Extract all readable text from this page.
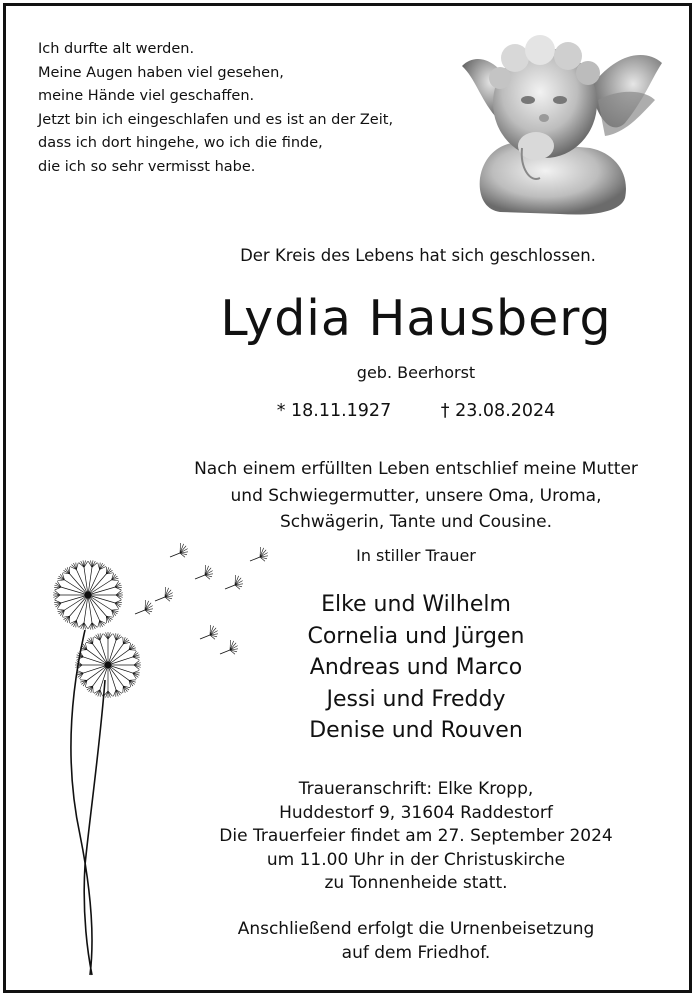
Ich durfte alt werden.
Meine Augen haben viel gesehen,
meine Hände viel geschaffen.
Jetzt bin ich eingeschlafen und es ist an der Zeit,
dass ich dort hingehe, wo ich die finde,
die ich so sehr vermisst habe.
Der Kreis des Lebens hat sich geschlossen.
Lydia Hausberg
geb. Beerhorst
* 18.11.1927	† 23.08.2024
Nach einem erfüllten Leben entschlief meine Mutter
und Schwiegermutter, unsere Oma, Uroma,
Schwägerin, Tante und Cousine.
In stiller Trauer
Elke und Wilhelm
Cornelia und Jürgen
Andreas und Marco
Jessi und Freddy
Denise und Rouven
Traueranschrift: Elke Kropp,
Huddestorf 9, 31604 Raddestorf
Die Trauerfeier findet am 27. September 2024
um 11.00 Uhr in der Christuskirche
zu Tonnenheide statt.
Anschließend erfolgt die Urnenbeisetzung
auf dem Friedhof.
